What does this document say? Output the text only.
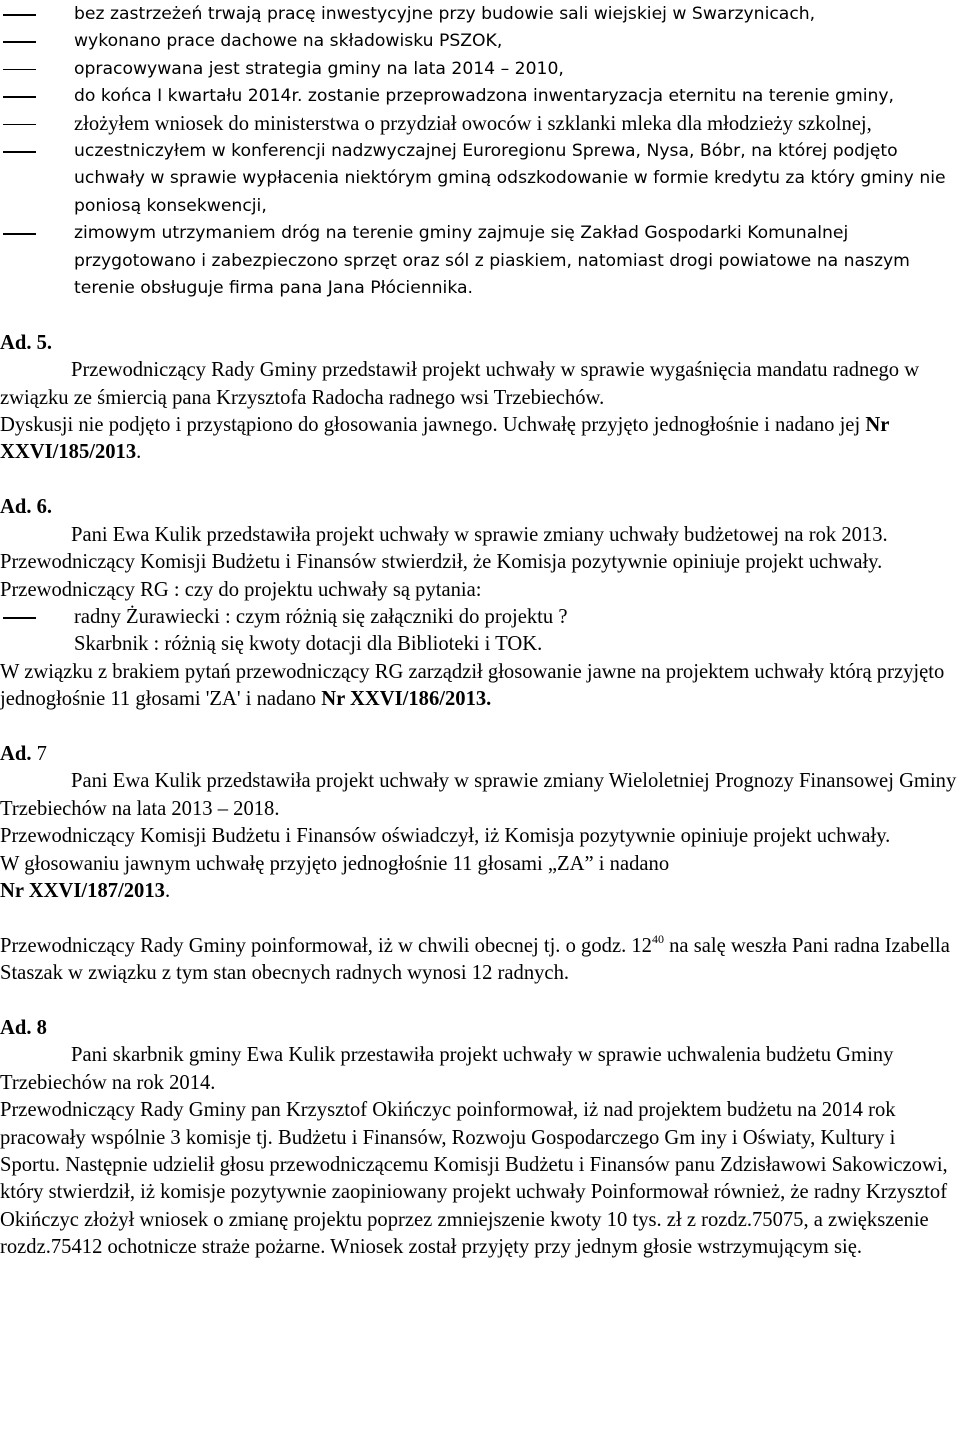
bez zastrzeżeń trwają pracę inwestycyjne przy budowie sali wiejskiej w Swarzynicach,
wykonano prace dachowe na składowisku PSZOK,
opracowywana jest strategia gminy na lata 2014 – 2010,
do końca I kwartału 2014r. zostanie przeprowadzona inwentaryzacja eternitu na terenie gminy,
złożyłem wniosek do ministerstwa o przydział owoców i szklanki mleka dla młodzieży szkolnej,
uczestniczyłem w konferencji nadzwyczajnej Euroregionu Sprewa, Nysa, Bóbr, na której podjęto uchwały w sprawie wypłacenia niektórym gminą odszkodowanie w formie kredytu za który gminy nie poniosą konsekwencji,
zimowym utrzymaniem dróg na terenie gminy zajmuje się Zakład Gospodarki Komunalnej przygotowano i zabezpieczono sprzęt oraz sól z piaskiem, natomiast drogi powiatowe na naszym terenie obsługuje firma pana Jana Płóciennika.

Ad. 5.

Przewodniczący Rady Gminy przedstawił projekt uchwały w sprawie wygaśnięcia mandatu radnego w związku ze śmiercią pana Krzysztofa Radocha radnego wsi Trzebiechów.

Dyskusji nie podjęto i przystąpiono do głosowania jawnego. Uchwałę przyjęto jednogłośnie i nadano jej Nr XXVI/185/2013.

Ad. 6.

Pani Ewa Kulik przedstawiła projekt uchwały w sprawie zmiany uchwały budżetowej na rok 2013.

Przewodniczący Komisji Budżetu i Finansów stwierdził, że Komisja pozytywnie opiniuje projekt uchwały.

Przewodniczący RG : czy do projektu uchwały są pytania:

radny Żurawiecki : czym różnią się załączniki do projektu ?

Skarbnik : różnią się kwoty dotacji dla Biblioteki i TOK.

W związku z brakiem pytań przewodniczący RG zarządził głosowanie jawne na projektem uchwały którą przyjęto jednogłośnie 11 głosami 'ZA' i nadano Nr XXVI/186/2013.

Ad. 7

Pani Ewa Kulik przedstawiła projekt uchwały w sprawie zmiany Wieloletniej Prognozy Finansowej Gminy Trzebiechów na lata 2013 – 2018.

Przewodniczący Komisji Budżetu i Finansów oświadczył, iż Komisja pozytywnie opiniuje projekt uchwały.

W głosowaniu jawnym uchwałę przyjęto jednogłośnie 11 głosami „ZA” i nadano

Nr XXVI/187/2013.

Przewodniczący Rady Gminy poinformował, iż w chwili obecnej tj. o godz. $12^{40}$ na salę weszła Pani radna Izabella Staszak w związku z tym stan obecnych radnych wynosi 12 radnych.

Ad. 8

Pani skarbnik gminy Ewa Kulik przestawiła projekt uchwały w sprawie uchwalenia budżetu Gminy Trzebiechów na rok 2014.

Przewodniczący Rady Gminy pan Krzysztof Okińczyc poinformował, iż nad projektem budżetu na 2014 rok pracowały wspólnie 3 komisje tj. Budżetu i Finansów, Rozwoju Gospodarczego Gm iny i Oświaty, Kultury i Sportu. Następnie udzielił głosu przewodniczącemu Komisji Budżetu i Finansów panu Zdzisławowi Sakowiczowi, który stwierdził, iż komisje pozytywnie zaopiniowany projekt uchwały Poinformował również, że radny Krzysztof Okińczyc złożył wniosek o zmianę projektu poprzez zmniejszenie kwoty 10 tys. zł z rozdz.75075, a zwiększenie rozdz.75412 ochotnicze straże pożarne. Wniosek został przyjęty przy jednym głosie wstrzymującym się.
